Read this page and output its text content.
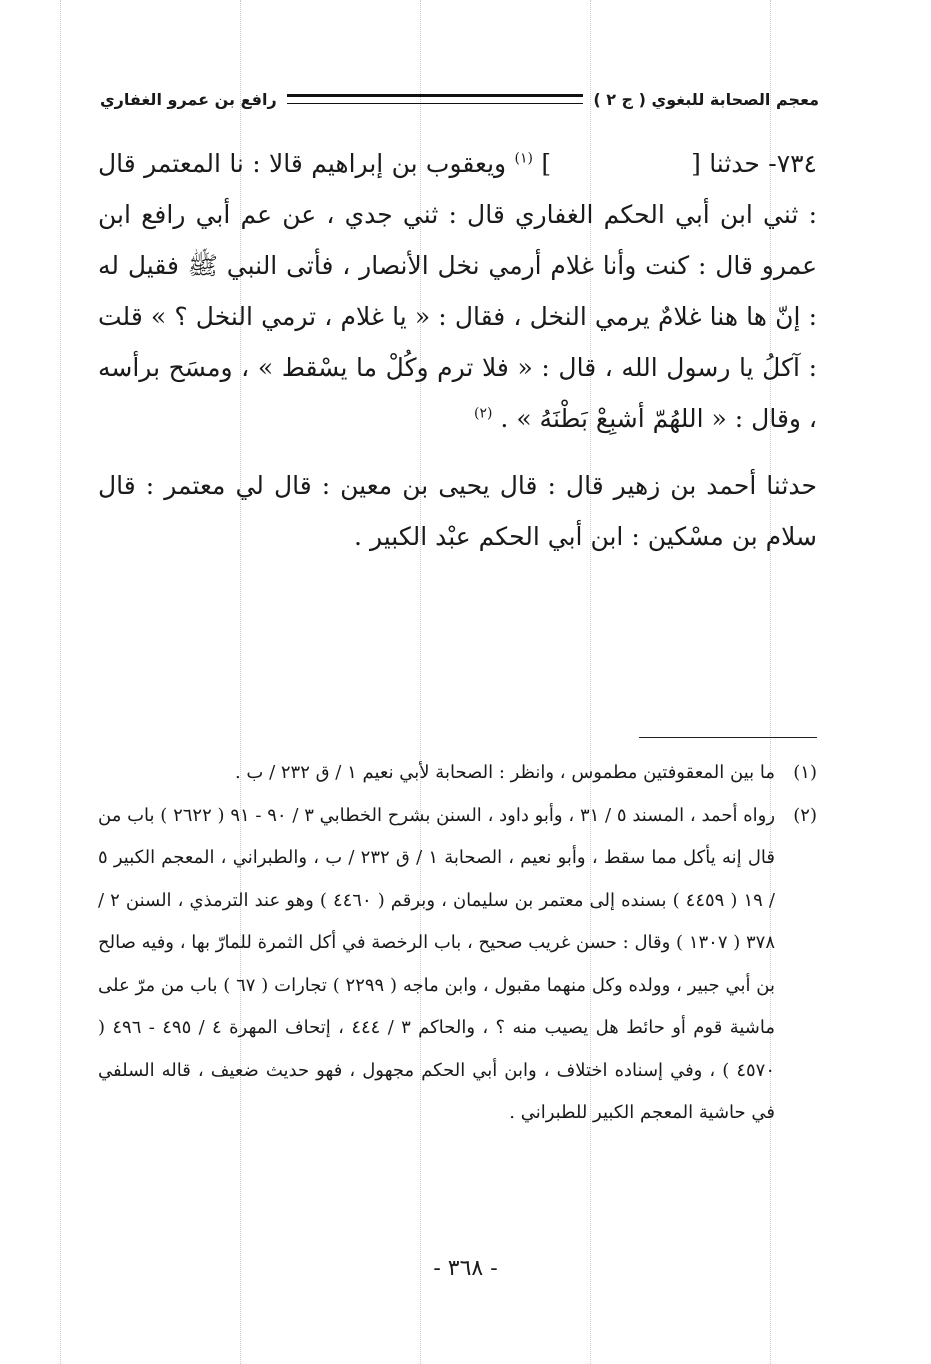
معجم الصحابة للبغوي ( ج ٢ )
رافع بن عمرو الغفاري

٧٣٤- حدثنا [] $^{(١)}$ ويعقوب بن إبراهيم قالا : نا المعتمر قال : ثني ابن أبي الحكم الغفاري قال : ثني جدي ، عن عم أبي رافع ابن عمرو قال : كنت وأنا غلام أرمي نخل الأنصار ، فأتى النبي ﷺ فقيل له : إنّ ها هنا غلامٌ يرمي النخل ، فقال : « يا غلام ، ترمي النخل ؟ » قلت : آكلُ يا رسول الله ، قال : « فلا ترم وكُلْ ما يسْقط » ، ومسَح برأسه ، وقال : « اللهُمّ أشبِعْ بَطْنَهُ » . $^{(٢)}$

حدثنا أحمد بن زهير قال : قال يحيى بن معين : قال لي معتمر : قال سلام بن مسْكين : ابن أبي الحكم عبْد الكبير .

(١)
ما بين المعقوفتين مطموس ، وانظر : الصحابة لأبي نعيم ١ / ق ٢٣٢ / ب .
(٢)
رواه أحمد ، المسند ٥ / ٣١ ، وأبو داود ، السنن بشرح الخطابي ٣ / ٩٠ - ٩١ ( ٢٦٢٢ ) باب من قال إنه يأكل مما سقط ، وأبو نعيم ، الصحابة ١ / ق ٢٣٢ / ب ، والطبراني ، المعجم الكبير ٥ / ١٩ ( ٤٤٥٩ ) بسنده إلى معتمر بن سليمان ، وبرقم ( ٤٤٦٠ ) وهو عند الترمذي ، السنن ٢ / ٣٧٨ ( ١٣٠٧ ) وقال : حسن غريب صحيح ، باب الرخصة في أكل الثمرة للمارّ بها ، وفيه صالح بن أبي جبير ، وولده وكل منهما مقبول ، وابن ماجه ( ٢٢٩٩ ) تجارات ( ٦٧ ) باب من مرّ على ماشية قوم أو حائط هل يصيب منه ؟ ، والحاكم ٣ / ٤٤٤ ، إتحاف المهرة ٤ / ٤٩٥ - ٤٩٦ ( ٤٥٧٠ ) ، وفي إسناده اختلاف ، وابن أبي الحكم مجهول ، فهو حديث ضعيف ، قاله السلفي في حاشية المعجم الكبير للطبراني .
- ٣٦٨ -
